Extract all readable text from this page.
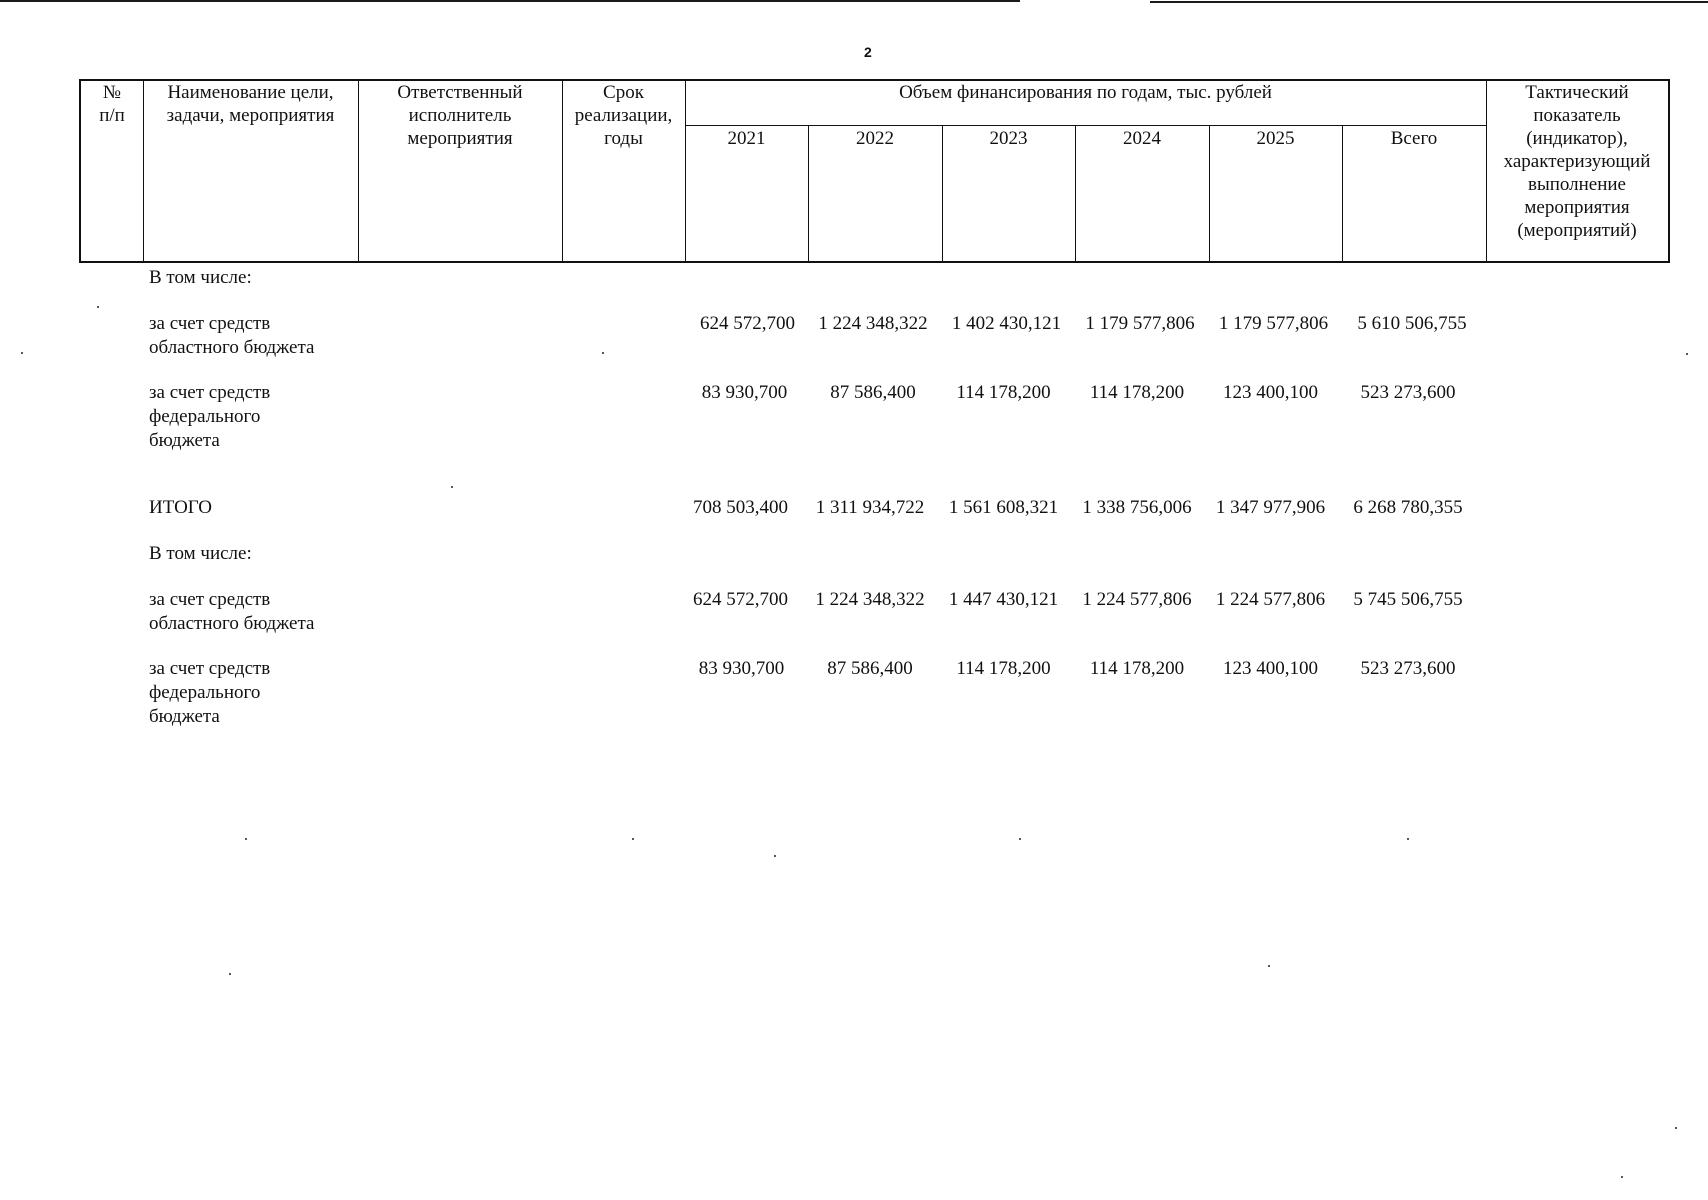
2
№
п/п
Наименование цели,
задачи, мероприятия
Ответственный
исполнитель
мероприятия
Срок
реализации,
годы
Объем финансирования по годам, тыс. рублей
2021	2022	2023	2024	2025	Всего
Тактический
показатель
(индикатор),
характеризующий
выполнение
мероприятия
(мероприятий)
В том числе:
за счет средств
областного бюджета
624 572,700	1 224 348,322	1 402 430,121	1 179 577,806	1 179 577,806	5 610 506,755
за счет средств
федерального
бюджета
83 930,700	87 586,400	114 178,200	114 178,200	123 400,100	523 273,600
ИТОГО	708 503,400	1 311 934,722	1 561 608,321	1 338 756,006	1 347 977,906	6 268 780,355
В том числе:
за счет средств
областного бюджета
624 572,700	1 224 348,322	1 447 430,121	1 224 577,806	1 224 577,806	5 745 506,755
за счет средств
федерального
бюджета
83 930,700	87 586,400	114 178,200	114 178,200	123 400,100	523 273,600
